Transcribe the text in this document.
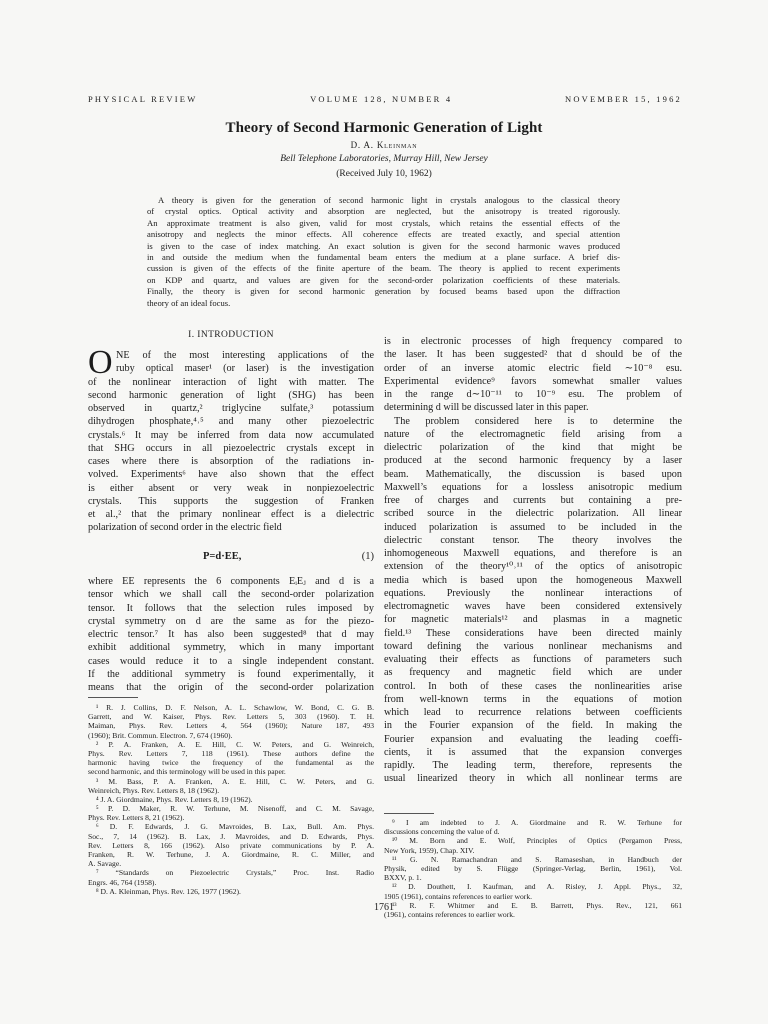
PHYSICAL REVIEW	VOLUME 128, NUMBER 4	NOVEMBER 15, 1962
Theory of Second Harmonic Generation of Light
D. A. Kleinman
Bell Telephone Laboratories, Murray Hill, New Jersey
(Received July 10, 1962)
A theory is given for the generation of second harmonic light in crystals analogous to the classical theory
of crystal optics. Optical activity and absorption are neglected, but the anisotropy is treated rigorously.
An approximate treatment is also given, valid for most crystals, which retains the essential effects of the
anisotropy and neglects the minor effects. All coherence effects are treated exactly, and special attention
is given to the case of index matching. An exact solution is given for the second harmonic waves produced
in and outside the medium when the fundamental beam enters the medium at a plane surface. A brief dis-
cussion is given of the effects of the finite aperture of the beam. The theory is applied to recent experiments
on KDP and quartz, and values are given for the second-order polarization coefficients of these materials.
Finally, the theory is given for second harmonic generation by focused beams based upon the diffraction
theory of an ideal focus.
I. INTRODUCTION
O NE of the most interesting applications of the
ruby optical maser¹ (or laser) is the investigation
of the nonlinear interaction of light with matter. The
second harmonic generation of light (SHG) has been
observed in quartz,² triglycine sulfate,³ potassium
dihydrogen phosphate,⁴˒⁵ and many other piezoelectric
crystals.⁶ It may be inferred from data now accumulated
that SHG occurs in all piezoelectric crystals except in
cases where there is absorption of the radiations in-
volved. Experiments⁶ have also shown that the effect
is either absent or very weak in nonpiezoelectric
crystals. This supports the suggestion of Franken
et al.,² that the primary nonlinear effect is a dielectric
polarization of second order in the electric field
P=d·EE,	(1)
where EE represents the 6 components EᵢEⱼ and d is a
tensor which we shall call the second-order polarization
tensor. It follows that the selection rules imposed by
crystal symmetry on d are the same as for the piezo-
electric tensor.⁷ It has also been suggested⁸ that d may
exhibit additional symmetry, which in many important
cases would reduce it to a single independent constant.
If the additional symmetry is found experimentally, it
means that the origin of the second-order polarization
¹ R. J. Collins, D. F. Nelson, A. L. Schawlow, W. Bond, C. G. B.
Garrett, and W. Kaiser, Phys. Rev. Letters 5, 303 (1960). T. H.
Maiman, Phys. Rev. Letters 4, 564 (1960); Nature 187, 493
(1960); Brit. Commun. Electron. 7, 674 (1960).
² P. A. Franken, A. E. Hill, C. W. Peters, and G. Weinreich,
Phys. Rev. Letters 7, 118 (1961). These authors define the
harmonic having twice the frequency of the fundamental as the
second harmonic, and this terminology will be used in this paper.
³ M. Bass, P. A. Franken, A. E. Hill, C. W. Peters, and G.
Weinreich, Phys. Rev. Letters 8, 18 (1962).
⁴ J. A. Giordmaine, Phys. Rev. Letters 8, 19 (1962).
⁵ P. D. Maker, R. W. Terhune, M. Nisenoff, and C. M. Savage,
Phys. Rev. Letters 8, 21 (1962).
⁶ D. F. Edwards, J. G. Mavroides, B. Lax, Bull. Am. Phys.
Soc., 7, 14 (1962). B. Lax, J. Mavroides, and D. Edwards, Phys.
Rev. Letters 8, 166 (1962). Also private communications by P. A.
Franken, R. W. Terhune, J. A. Giordmaine, R. C. Miller, and
A. Savage.
⁷ “Standards on Piezoelectric Crystals,” Proc. Inst. Radio
Engrs. 46, 764 (1958).
⁸ D. A. Kleinman, Phys. Rev. 126, 1977 (1962).
is in electronic processes of high frequency compared to
the laser. It has been suggested² that d should be of the
order of an inverse atomic electric field ∼10⁻⁸ esu.
Experimental evidence⁹ favors somewhat smaller values
in the range d∼10⁻¹¹ to 10⁻⁹ esu. The problem of
determining d will be discussed later in this paper.
The problem considered here is to determine the
nature of the electromagnetic field arising from a
dielectric polarization of the kind that might be
produced at the second harmonic frequency by a laser
beam. Mathematically, the discussion is based upon
Maxwell’s equations for a lossless anisotropic medium
free of charges and currents but containing a pre-
scribed source in the dielectric polarization. All linear
induced polarization is assumed to be included in the
dielectric constant tensor. The theory involves the
inhomogeneous Maxwell equations, and therefore is an
extension of the theory¹⁰˒¹¹ of the optics of anisotropic
media which is based upon the homogeneous Maxwell
equations. Previously the nonlinear interactions of
electromagnetic waves have been considered extensively
for magnetic materials¹² and plasmas in a magnetic
field.¹³ These considerations have been directed mainly
toward defining the various nonlinear mechanisms and
evaluating their effects as functions of parameters such
as frequency and magnetic field which are under
control. In both of these cases the nonlinearities arise
from well-known terms in the equations of motion
which lead to recurrence relations between coefficients
in the Fourier expansion of the field. In making the
Fourier expansion and evaluating the leading coeffi-
cients, it is assumed that the expansion converges
rapidly. The leading term, therefore, represents the
usual linearized theory in which all nonlinear terms are
⁹ I am indebted to J. A. Giordmaine and R. W. Terhune for
discussions concerning the value of d.
¹⁰ M. Born and E. Wolf, Principles of Optics (Pergamon Press,
New York, 1959), Chap. XIV.
¹¹ G. N. Ramachandran and S. Ramaseshan, in Handbuch der
Physik, edited by S. Flügge (Springer-Verlag, Berlin, 1961), Vol.
BXXV, p. 1.
¹² D. Douthett, I. Kaufman, and A. Risley, J. Appl. Phys., 32,
1905 (1961), contains references to earlier work.
¹³ R. F. Whitmer and E. B. Barrett, Phys. Rev., 121, 661
(1961), contains references to earlier work.
1761
